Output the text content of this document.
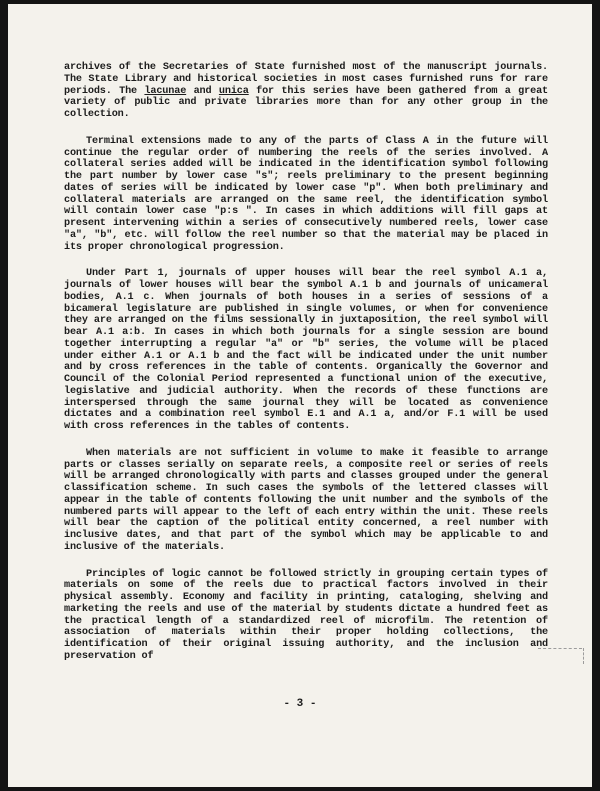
archives of the Secretaries of State furnished most of the manuscript journals. The State Library and historical societies in most cases furnished runs for rare periods. The lacunae and unica for this series have been gathered from a great variety of public and private libraries more than for any other group in the collection.

Terminal extensions made to any of the parts of Class A in the future will continue the regular order of numbering the reels of the series involved. A collateral series added will be indicated in the identification symbol following the part number by lower case "s"; reels preliminary to the present beginning dates of series will be indicated by lower case "p". When both preliminary and collateral materials are arranged on the same reel, the identification symbol will contain lower case "p:s ". In cases in which additions will fill gaps at present intervening within a series of consecutively numbered reels, lower case "a", "b", etc. will follow the reel number so that the material may be placed in its proper chronological progression.

Under Part 1, journals of upper houses will bear the reel symbol A.1 a, journals of lower houses will bear the symbol A.1 b and journals of unicameral bodies, A.1 c. When journals of both houses in a series of sessions of a bicameral legislature are published in single volumes, or when for convenience they are arranged on the films sessionally in juxtaposition, the reel symbol will bear A.1 a:b. In cases in which both journals for a single session are bound together interrupting a regular "a" or "b" series, the volume will be placed under either A.1 or A.1 b and the fact will be indicated under the unit number and by cross references in the table of contents. Organically the Governor and Council of the Colonial Period represented a functional union of the executive, legislative and judicial authority. When the records of these functions are interspersed through the same journal they will be located as convenience dictates and a combination reel symbol E.1 and A.1 a, and/or F.1 will be used with cross references in the tables of contents.

When materials are not sufficient in volume to make it feasible to arrange parts or classes serially on separate reels, a composite reel or series of reels will be arranged chronologically with parts and classes grouped under the general classification scheme. In such cases the symbols of the lettered classes will appear in the table of contents following the unit number and the symbols of the numbered parts will appear to the left of each entry within the unit. These reels will bear the caption of the political entity concerned, a reel number with inclusive dates, and that part of the symbol which may be applicable to and inclusive of the materials.

Principles of logic cannot be followed strictly in grouping certain types of materials on some of the reels due to practical factors involved in their physical assembly. Economy and facility in printing, cataloging, shelving and marketing the reels and use of the material by students dictate a hundred feet as the practical length of a standardized reel of microfilm. The retention of association of materials within their proper holding collections, the identification of their original issuing authority, and the inclusion and preservation of

- 3 -
